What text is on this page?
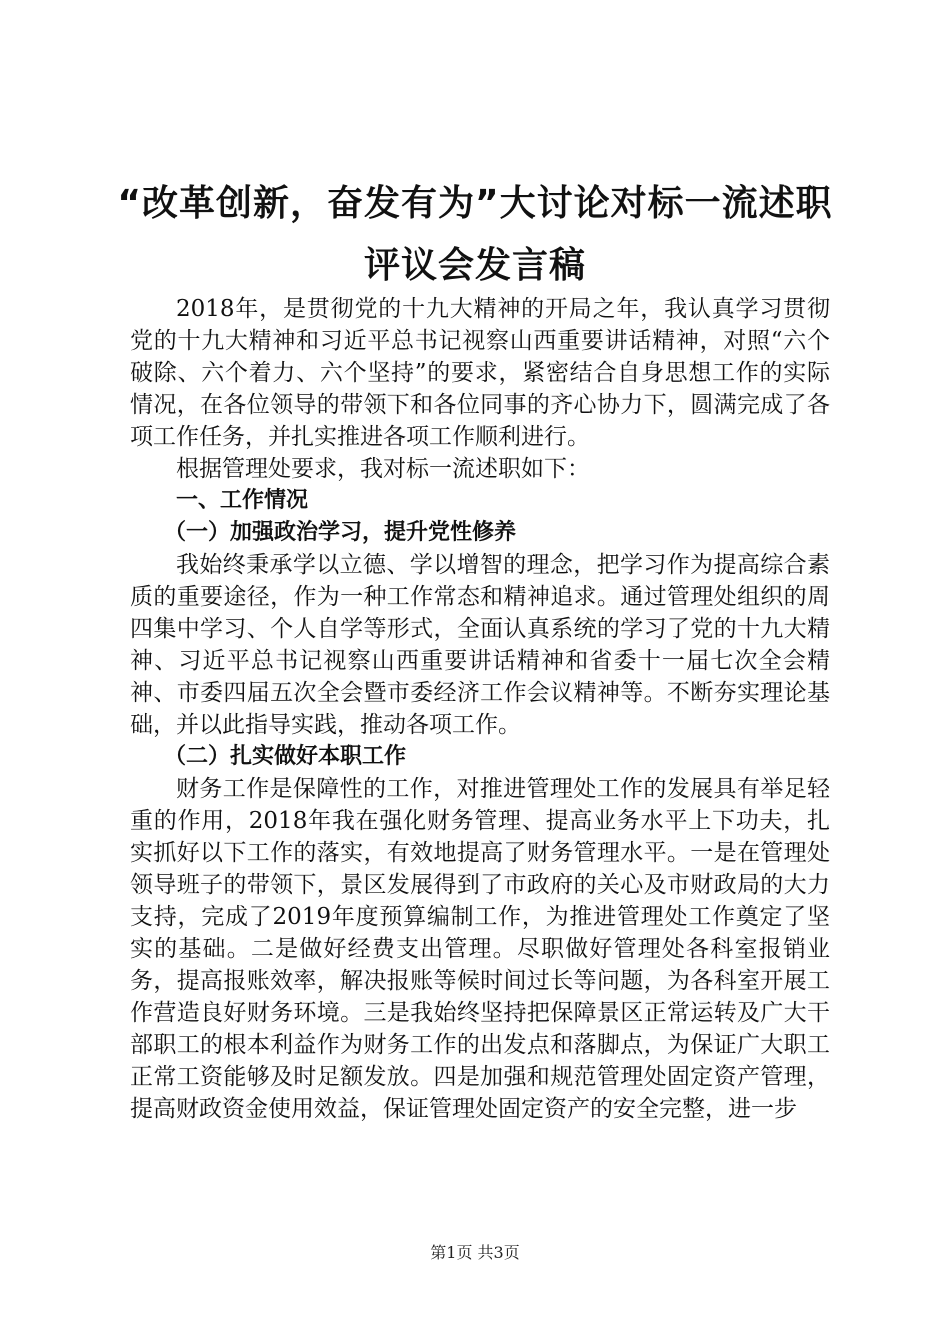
“改革创新，奋发有为”大讨论对标一流述职
评议会发言稿

2018年，是贯彻党的十九大精神的开局之年，我认真学习贯彻党的十九大精神和习近平总书记视察山西重要讲话精神，对照“六个破除、六个着力、六个坚持”的要求，紧密结合自身思想工作的实际情况，在各位领导的带领下和各位同事的齐心协力下，圆满完成了各项工作任务，并扎实推进各项工作顺利进行。

根据管理处要求，我对标一流述职如下：

一、工作情况
（一）加强政治学习，提升党性修养

我始终秉承学以立德、学以增智的理念，把学习作为提高综合素质的重要途径，作为一种工作常态和精神追求。通过管理处组织的周四集中学习、个人自学等形式，全面认真系统的学习了党的十九大精神、习近平总书记视察山西重要讲话精神和省委十一届七次全会精神、市委四届五次全会暨市委经济工作会议精神等。不断夯实理论基础，并以此指导实践，推动各项工作。

（二）扎实做好本职工作

财务工作是保障性的工作，对推进管理处工作的发展具有举足轻重的作用，2018年我在强化财务管理、提高业务水平上下功夫，扎实抓好以下工作的落实，有效地提高了财务管理水平。一是在管理处领导班子的带领下，景区发展得到了市政府的关心及市财政局的大力支持，完成了2019年度预算编制工作，为推进管理处工作奠定了坚实的基础。二是做好经费支出管理。尽职做好管理处各科室报销业务，提高报账效率，解决报账等候时间过长等问题，为各科室开展工作营造良好财务环境。三是我始终坚持把保障景区正常运转及广大干部职工的根本利益作为财务工作的出发点和落脚点，为保证广大职工正常工资能够及时足额发放。四是加强和规范管理处固定资产管理，提高财政资金使用效益，保证管理处固定资产的安全完整，进一步

第1页 共3页
